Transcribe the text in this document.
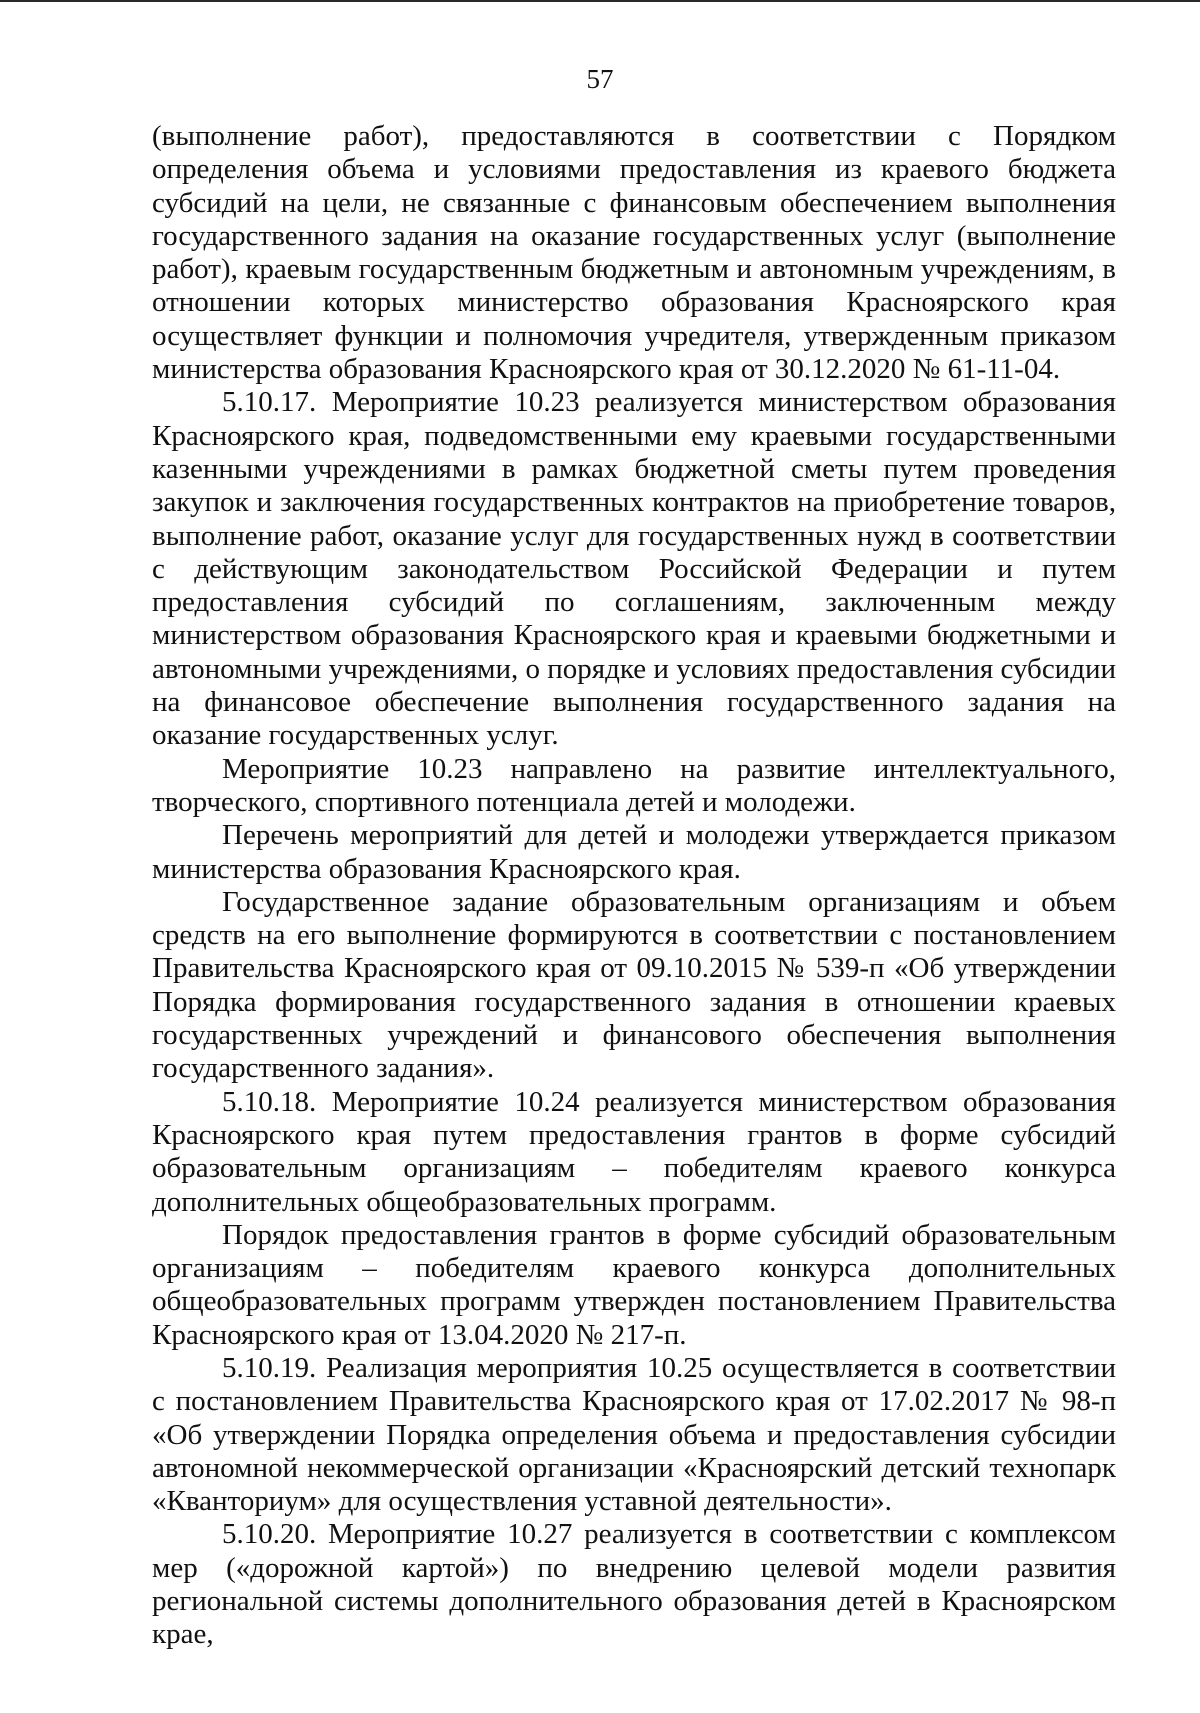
57

(выполнение работ), предоставляются в соответствии с Порядком определения объема и условиями предоставления из краевого бюджета субсидий на цели, не связанные с финансовым обеспечением выполнения государственного задания на оказание государственных услуг (выполнение работ), краевым государственным бюджетным и автономным учреждениям, в отношении которых министерство образования Красноярского края осуществляет функции и полномочия учредителя, утвержденным приказом министерства образования Красноярского края от 30.12.2020 № 61-11-04.

5.10.17. Мероприятие 10.23 реализуется министерством образования Красноярского края, подведомственными ему краевыми государственными казенными учреждениями в рамках бюджетной сметы путем проведения закупок и заключения государственных контрактов на приобретение товаров, выполнение работ, оказание услуг для государственных нужд в соответствии с действующим законодательством Российской Федерации и путем предоставления субсидий по соглашениям, заключенным между министерством образования Красноярского края и краевыми бюджетными и автономными учреждениями, о порядке и условиях предоставления субсидии на финансовое обеспечение выполнения государственного задания на оказание государственных услуг.

Мероприятие 10.23 направлено на развитие интеллектуального, творческого, спортивного потенциала детей и молодежи.

Перечень мероприятий для детей и молодежи утверждается приказом министерства образования Красноярского края.

Государственное задание образовательным организациям и объем средств на его выполнение формируются в соответствии с постановлением Правительства Красноярского края от 09.10.2015 № 539-п «Об утверждении Порядка формирования государственного задания в отношении краевых государственных учреждений и финансового обеспечения выполнения государственного задания».

5.10.18. Мероприятие 10.24 реализуется министерством образования Красноярского края путем предоставления грантов в форме субсидий образовательным организациям – победителям краевого конкурса дополнительных общеобразовательных программ.

Порядок предоставления грантов в форме субсидий образовательным организациям – победителям краевого конкурса дополнительных общеобразовательных программ утвержден постановлением Правительства Красноярского края от 13.04.2020 № 217-п.

5.10.19. Реализация мероприятия 10.25 осуществляется в соответствии с постановлением Правительства Красноярского края от 17.02.2017 № 98-п «Об утверждении Порядка определения объема и предоставления субсидии автономной некоммерческой организации «Красноярский детский технопарк «Кванториум» для осуществления уставной деятельности».

5.10.20. Мероприятие 10.27 реализуется в соответствии с комплексом мер («дорожной картой») по внедрению целевой модели развития региональной системы дополнительного образования детей в Красноярском крае,
